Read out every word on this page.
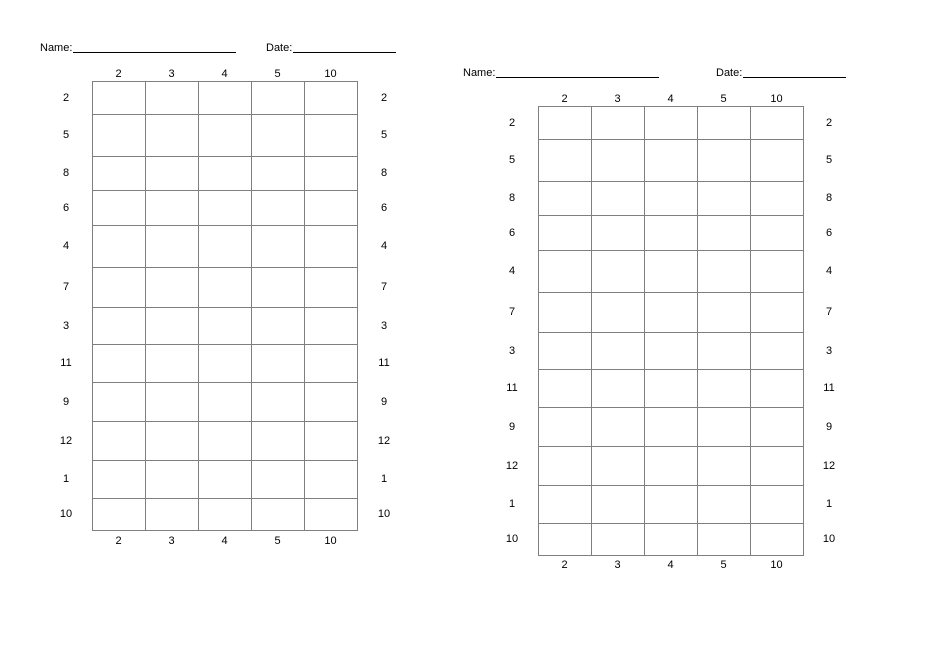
Name:	Date:
2
2
3
3
4
4
5
5
10
10
2	2
5	5
8	8
6	6
4	4
7	7
3	3
11	11
9	9
12	12
1	1
10	10
Name:	Date:
2
2
3
3
4
4
5
5
10
10
2	2
5	5
8	8
6	6
4	4
7	7
3	3
11	11
9	9
12	12
1	1
10	10
